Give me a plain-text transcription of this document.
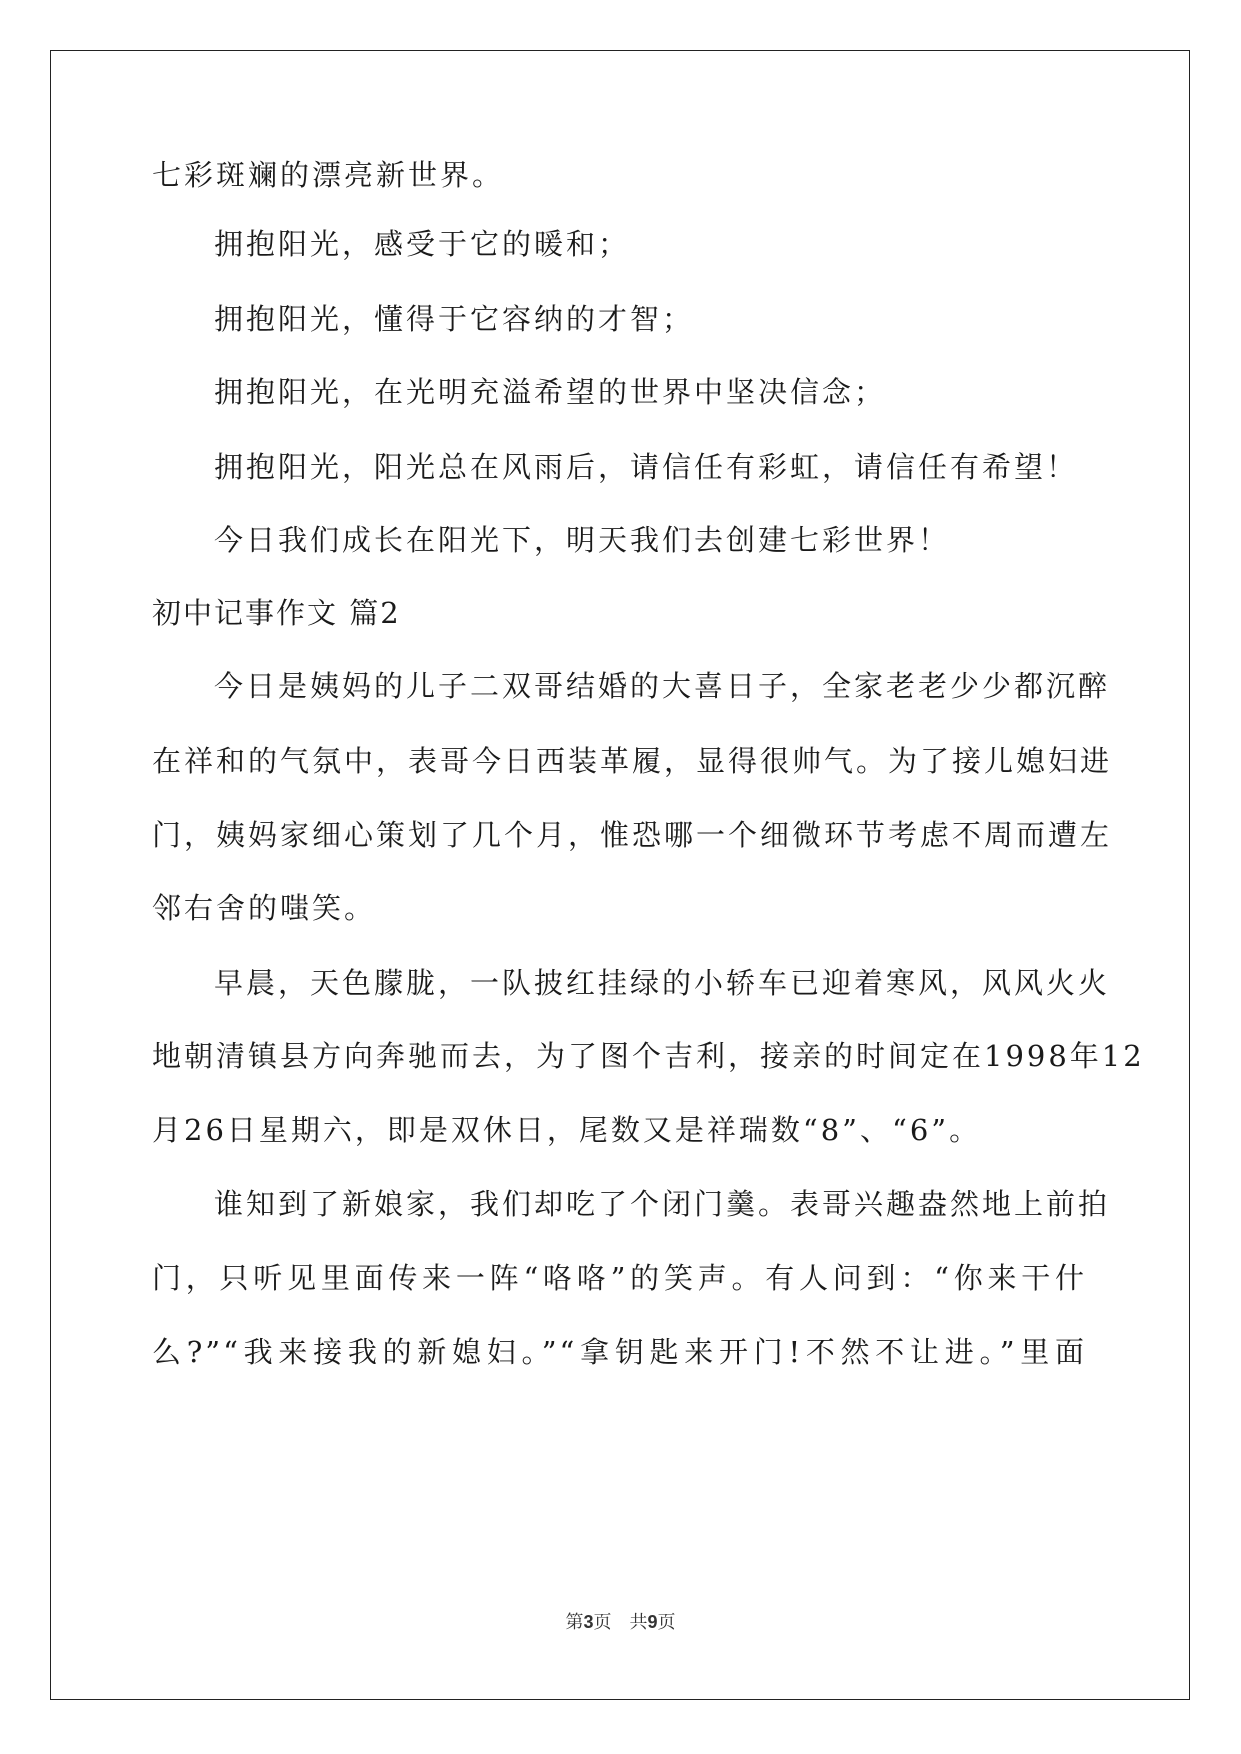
七彩斑斓的漂亮新世界。
拥抱阳光，感受于它的暖和；
拥抱阳光，懂得于它容纳的才智；
拥抱阳光，在光明充溢希望的世界中坚决信念；
拥抱阳光，阳光总在风雨后，请信任有彩虹，请信任有希望！
今日我们成长在阳光下，明天我们去创建七彩世界！
初中记事作文 篇2
今日是姨妈的儿子二双哥结婚的大喜日子，全家老老少少都沉醉
在祥和的气氛中，表哥今日西装革履，显得很帅气。为了接儿媳妇进
门，姨妈家细心策划了几个月，惟恐哪一个细微环节考虑不周而遭左
邻右舍的嗤笑。
早晨，天色朦胧，一队披红挂绿的小轿车已迎着寒风，风风火火
地朝清镇县方向奔驰而去，为了图个吉利，接亲的时间定在1998年12
月26日星期六，即是双休日，尾数又是祥瑞数“8”、“6”。
谁知到了新娘家，我们却吃了个闭门羹。表哥兴趣盎然地上前拍
门，只听见里面传来一阵“咯咯”的笑声。有人问到：“你来干什
么?”“我来接我的新媳妇。”“拿钥匙来开门!不然不让进。”里面
第3页　共9页
